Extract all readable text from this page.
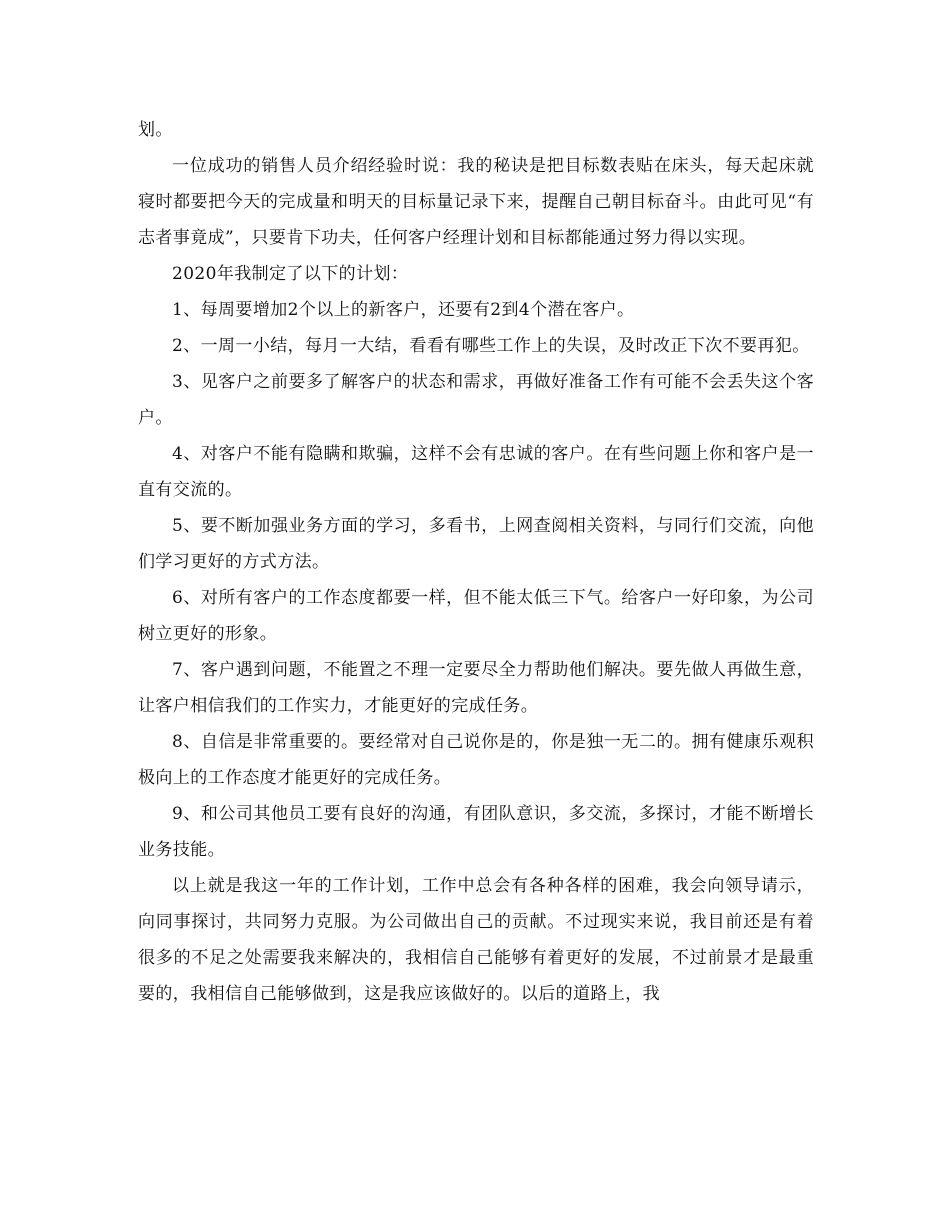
划。

一位成功的销售人员介绍经验时说：我的秘诀是把目标数表贴在床头，每天起床就寝时都要把今天的完成量和明天的目标量记录下来，提醒自己朝目标奋斗。由此可见“有志者事竟成”，只要肯下功夫，任何客户经理计划和目标都能通过努力得以实现。

2020年我制定了以下的计划：

1、每周要增加2个以上的新客户，还要有2到4个潜在客户。

2、一周一小结，每月一大结，看看有哪些工作上的失误，及时改正下次不要再犯。

3、见客户之前要多了解客户的状态和需求，再做好准备工作有可能不会丢失这个客户。

4、对客户不能有隐瞒和欺骗，这样不会有忠诚的客户。在有些问题上你和客户是一直有交流的。

5、要不断加强业务方面的学习，多看书，上网查阅相关资料，与同行们交流，向他们学习更好的方式方法。

6、对所有客户的工作态度都要一样，但不能太低三下气。给客户一好印象，为公司树立更好的形象。

7、客户遇到问题，不能置之不理一定要尽全力帮助他们解决。要先做人再做生意，让客户相信我们的工作实力，才能更好的完成任务。

8、自信是非常重要的。要经常对自己说你是的，你是独一无二的。拥有健康乐观积极向上的工作态度才能更好的完成任务。

9、和公司其他员工要有良好的沟通，有团队意识，多交流，多探讨，才能不断增长业务技能。

以上就是我这一年的工作计划，工作中总会有各种各样的困难，我会向领导请示，向同事探讨，共同努力克服。为公司做出自己的贡献。不过现实来说，我目前还是有着很多的不足之处需要我来解决的，我相信自己能够有着更好的发展，不过前景才是最重要的，我相信自己能够做到，这是我应该做好的。以后的道路上，我
